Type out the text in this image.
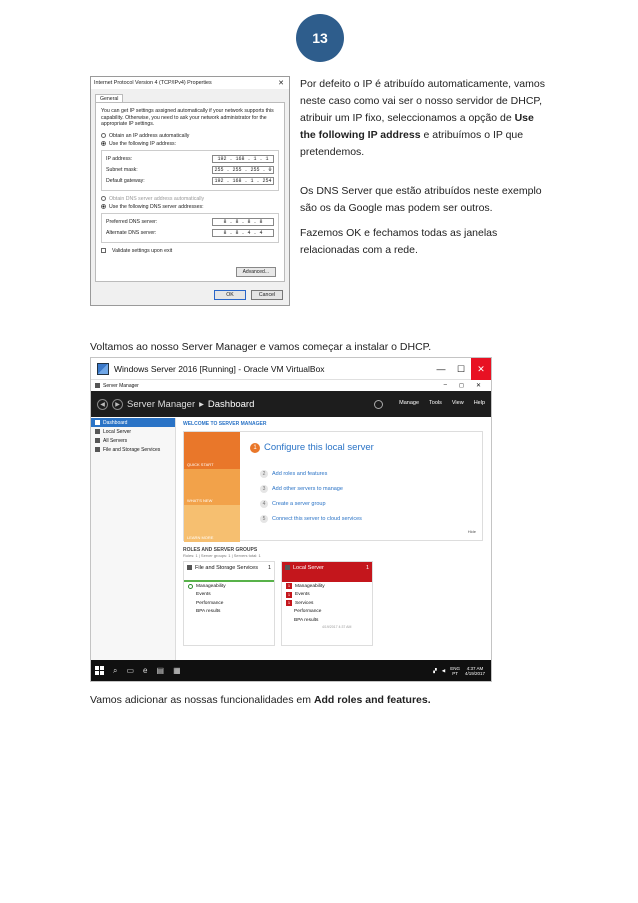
13
Internet Protocol Version 4 (TCP/IPv4) Properties	✕
General
You can get IP settings assigned automatically if your network supports this capability. Otherwise, you need to ask your network administrator for the appropriate IP settings.
Obtain an IP address automatically
Use the following IP address:
IP address:	192 . 168 . 1 . 1
Subnet mask:	255 . 255 . 255 . 0
Default gateway:	192 . 168 . 1 . 254
Obtain DNS server address automatically
Use the following DNS server addresses:
Preferred DNS server:	8 . 8 . 8 . 8
Alternate DNS server:	8 . 8 . 4 . 4
Validate settings upon exit
Advanced...
OK	Cancel

Por defeito o IP é atribuído automaticamente, vamos neste caso como vai ser o nosso servidor de DHCP, atribuir um IP fixo, seleccionamos a opção de Use the following IP address e atribuímos o IP que pretendemos.

Os DNS Server que estão atribuídos neste exemplo são os da Google mas podem ser outros.

Fazemos OK e fechamos todas as janelas relacionadas com a rede.

Voltamos ao nosso Server Manager e vamos começar a instalar o DHCP.

Windows Server 2016 [Running] - Oracle VM VirtualBox	—	☐	✕
Server Manager	– ◻ ✕
◀	▶ Server Manager ▸ Dashboard	Manage Tools View Help
Dashboard
Local Server
All Servers
File and Storage Services
WELCOME TO SERVER MANAGER
QUICK START
WHAT'S NEW
LEARN MORE
1 Configure this local server
2	Add roles and features
3	Add other servers to manage
4	Create a server group
5	Connect this server to cloud services
Hide
ROLES AND SERVER GROUPS
Roles: 1 | Server groups: 1 | Servers total: 1
File and Storage Services 1
Manageability
Events
Performance
BPA results
Local Server	1
1	Manageability
1	Events
1	Services
Performance
BPA results
4/19/2017 4:37 AM
⌕ ▭ e ▤ ▦	▞ ◀ ENG
PT
4:37 AM
4/19/2017

Vamos adicionar as nossas funcionalidades em Add roles and features.
